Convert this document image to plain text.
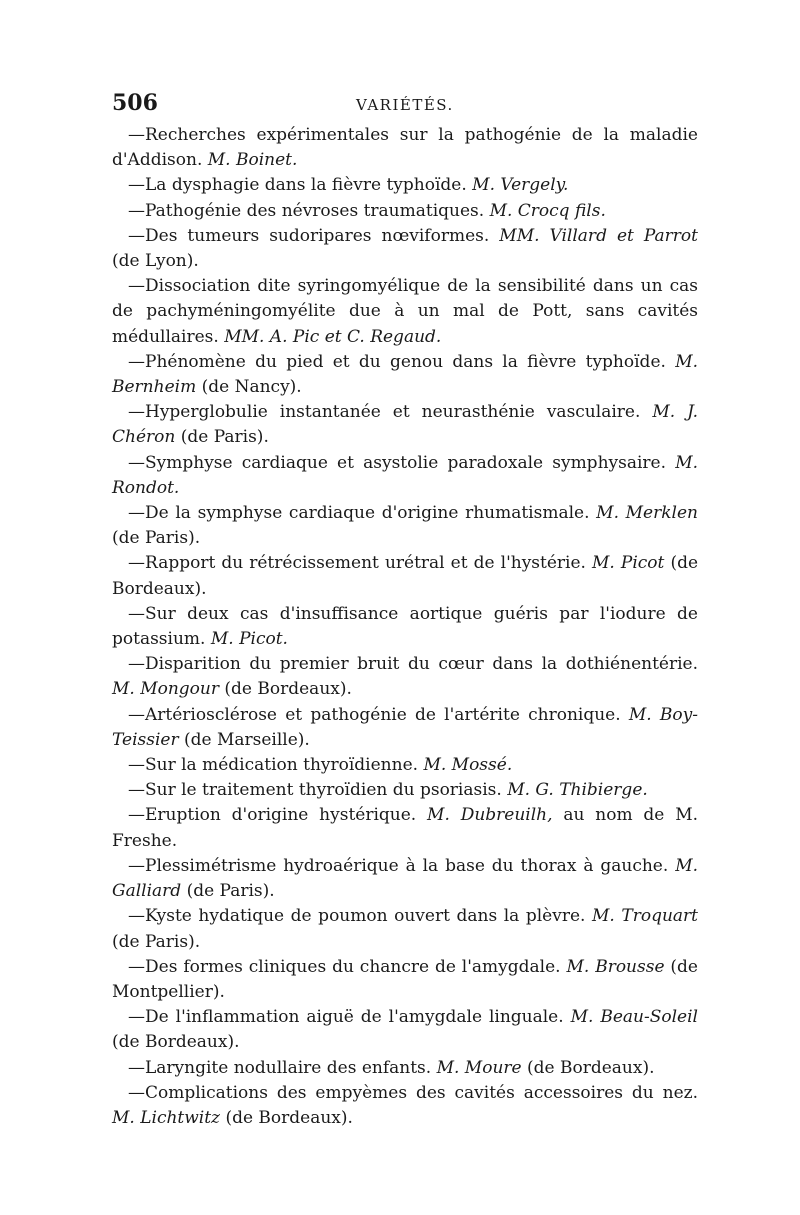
506	VARIÉTÉS.

—Recherches expérimentales sur la pathogénie de la maladie d'Addison. M. Boinet.

—La dysphagie dans la fièvre typhoïde. M. Vergely.

—Pathogénie des névroses traumatiques. M. Crocq fils.

—Des tumeurs sudoripares nœviformes. MM. Villard et Parrot (de Lyon).

—Dissociation dite syringomyélique de la sensibilité dans un cas de pachyméningomyélite due à un mal de Pott, sans cavités médullaires. MM. A. Pic et C. Regaud.

—Phénomène du pied et du genou dans la fièvre typhoïde. M. Bernheim (de Nancy).

—Hyperglobulie instantanée et neurasthénie vasculaire. M. J. Chéron (de Paris).

—Symphyse cardiaque et asystolie paradoxale symphysaire. M. Rondot.

—De la symphyse cardiaque d'origine rhumatismale. M. Merklen (de Paris).

—Rapport du rétrécissement urétral et de l'hystérie. M. Picot (de Bordeaux).

—Sur deux cas d'insuffisance aortique guéris par l'iodure de potassium. M. Picot.

—Disparition du premier bruit du cœur dans la dothiénentérie. M. Mongour (de Bordeaux).

—Artériosclérose et pathogénie de l'artérite chronique. M. Boy-Teissier (de Marseille).

—Sur la médication thyroïdienne. M. Mossé.

—Sur le traitement thyroïdien du psoriasis. M. G. Thibierge.

—Eruption d'origine hystérique. M. Dubreuilh, au nom de M. Freshe.

—Plessimétrisme hydroaérique à la base du thorax à gauche. M. Galliard (de Paris).

—Kyste hydatique de poumon ouvert dans la plèvre. M. Troquart (de Paris).

—Des formes cliniques du chancre de l'amygdale. M. Brousse (de Montpellier).

—De l'inflammation aiguë de l'amygdale linguale. M. Beau-Soleil (de Bordeaux).

—Laryngite nodullaire des enfants. M. Moure (de Bordeaux).

—Complications des empyèmes des cavités accessoires du nez. M. Lichtwitz (de Bordeaux).
